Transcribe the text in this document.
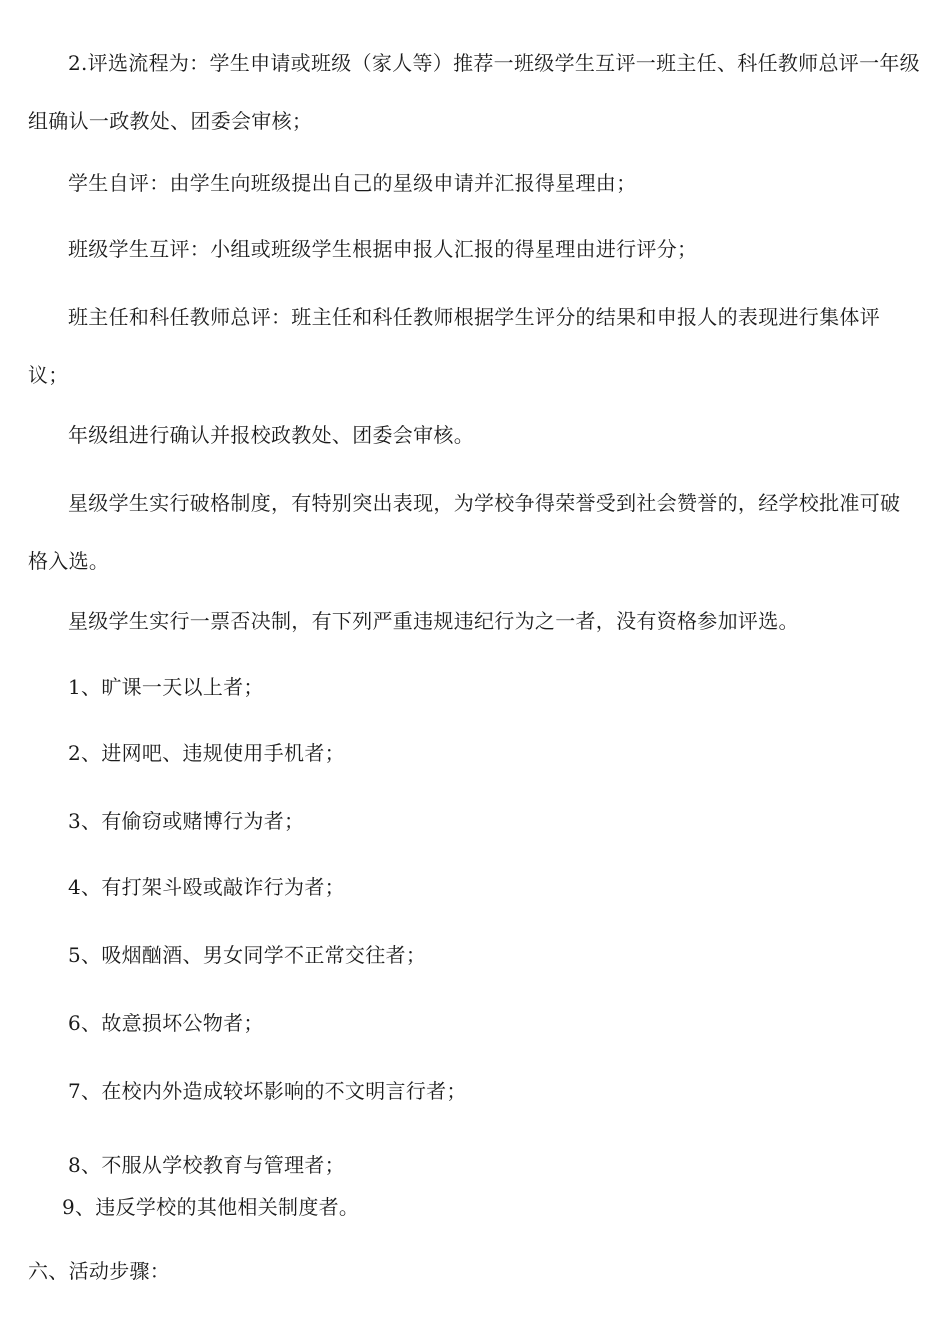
2.评选流程为：学生申请或班级（家人等）推荐一班级学生互评一班主任、科任教师总评一年级组确认一政教处、团委会审核；

学生自评：由学生向班级提出自己的星级申请并汇报得星理由；

班级学生互评：小组或班级学生根据申报人汇报的得星理由进行评分；

班主任和科任教师总评：班主任和科任教师根据学生评分的结果和申报人的表现进行集体评议；

年级组进行确认并报校政教处、团委会审核。

星级学生实行破格制度，有特别突出表现，为学校争得荣誉受到社会赞誉的，经学校批准可破格入选。

星级学生实行一票否决制，有下列严重违规违纪行为之一者，没有资格参加评选。

1、旷课一天以上者；

2、进网吧、违规使用手机者；

3、有偷窃或赌博行为者；

4、有打架斗殴或敲诈行为者；

5、吸烟酗酒、男女同学不正常交往者；

6、故意损坏公物者；

7、在校内外造成较坏影响的不文明言行者；

8、不服从学校教育与管理者；

9、违反学校的其他相关制度者。

六、活动步骤：
